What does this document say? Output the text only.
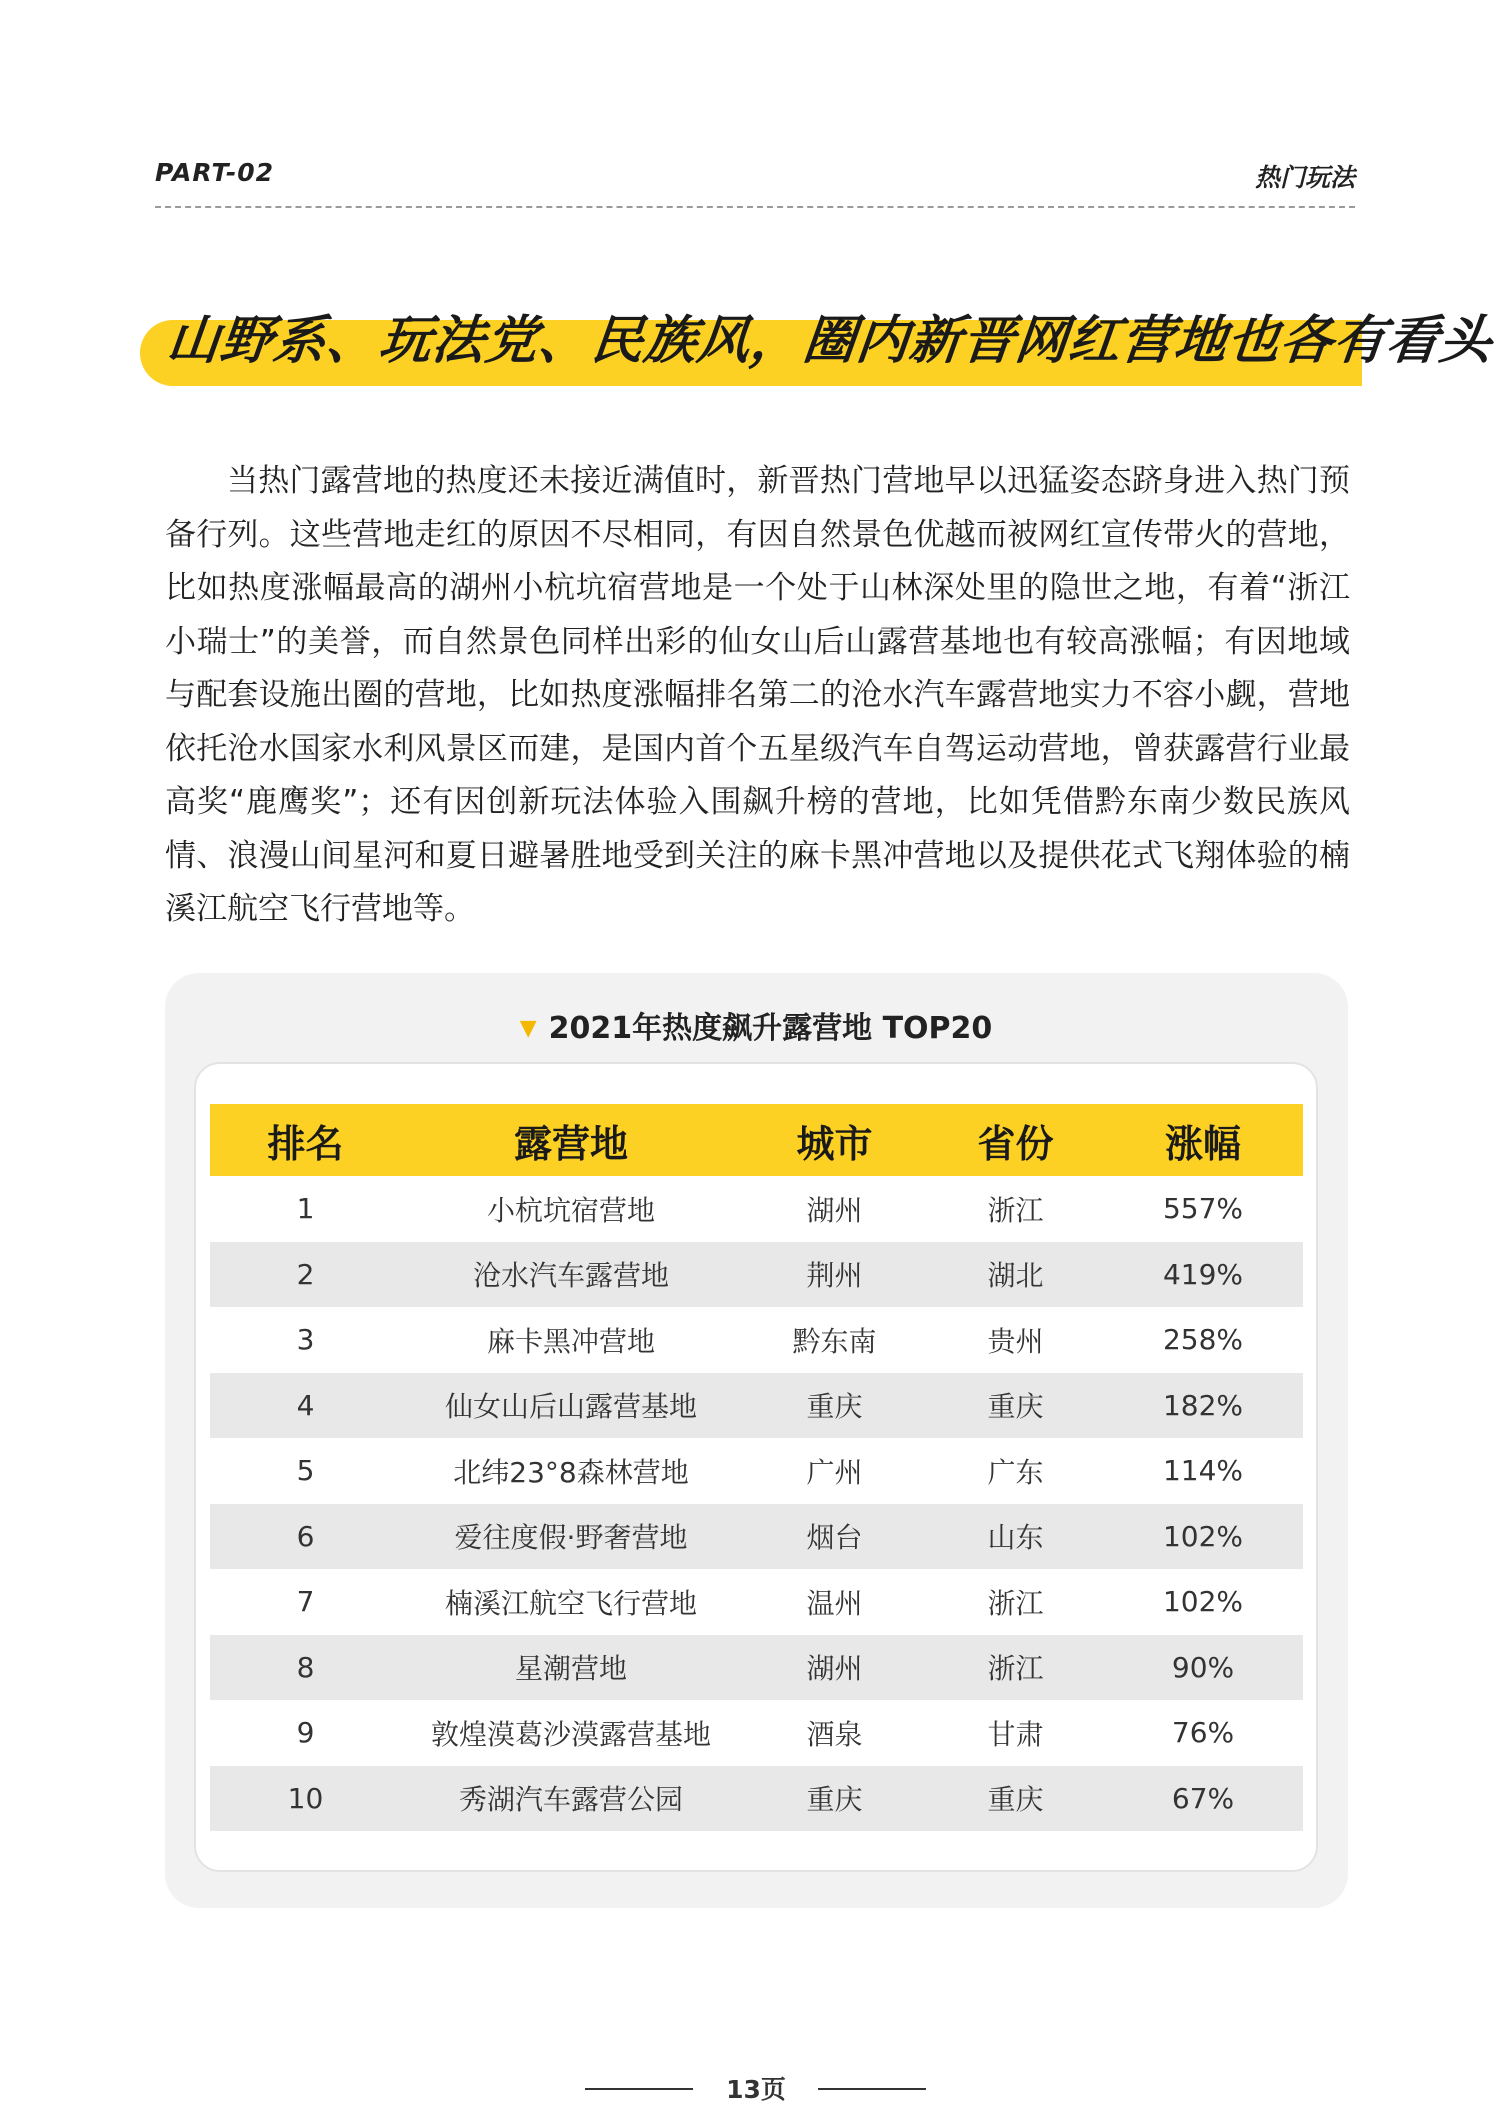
PART-02	热门玩法
山野系、玩法党、民族风，圈内新晋网红营地也各有看头

当热门露营地的热度还未接近满值时，新晋热门营地早以迅猛姿态跻身进入热门预备行列。这些营地走红的原因不尽相同，有因自然景色优越而被网红宣传带火的营地，比如热度涨幅最高的湖州小杭坑宿营地是一个处于山林深处里的隐世之地，有着“浙江小瑞士”的美誉，而自然景色同样出彩的仙女山后山露营基地也有较高涨幅；有因地域与配套设施出圈的营地，比如热度涨幅排名第二的沧水汽车露营地实力不容小觑，营地依托沧水国家水利风景区而建，是国内首个五星级汽车自驾运动营地，曾获露营行业最高奖“鹿鹰奖”；还有因创新玩法体验入围飙升榜的营地，比如凭借黔东南少数民族风情、浪漫山间星河和夏日避暑胜地受到关注的麻卡黑冲营地以及提供花式飞翔体验的楠溪江航空飞行营地等。

▼ 2021年热度飙升露营地 TOP20
排名	露营地	城市	省份	涨幅
1	小杭坑宿营地	湖州	浙江	557%
2	沧水汽车露营地	荆州	湖北	419%
3	麻卡黑冲营地	黔东南	贵州	258%
4	仙女山后山露营基地	重庆	重庆	182%
5	北纬23°8森林营地	广州	广东	114%
6	爱往度假·野奢营地	烟台	山东	102%
7	楠溪江航空飞行营地	温州	浙江	102%
8	星潮营地	湖州	浙江	90%
9	敦煌漠葛沙漠露营基地	酒泉	甘肃	76%
10	秀湖汽车露营公园	重庆	重庆	67%
13页
